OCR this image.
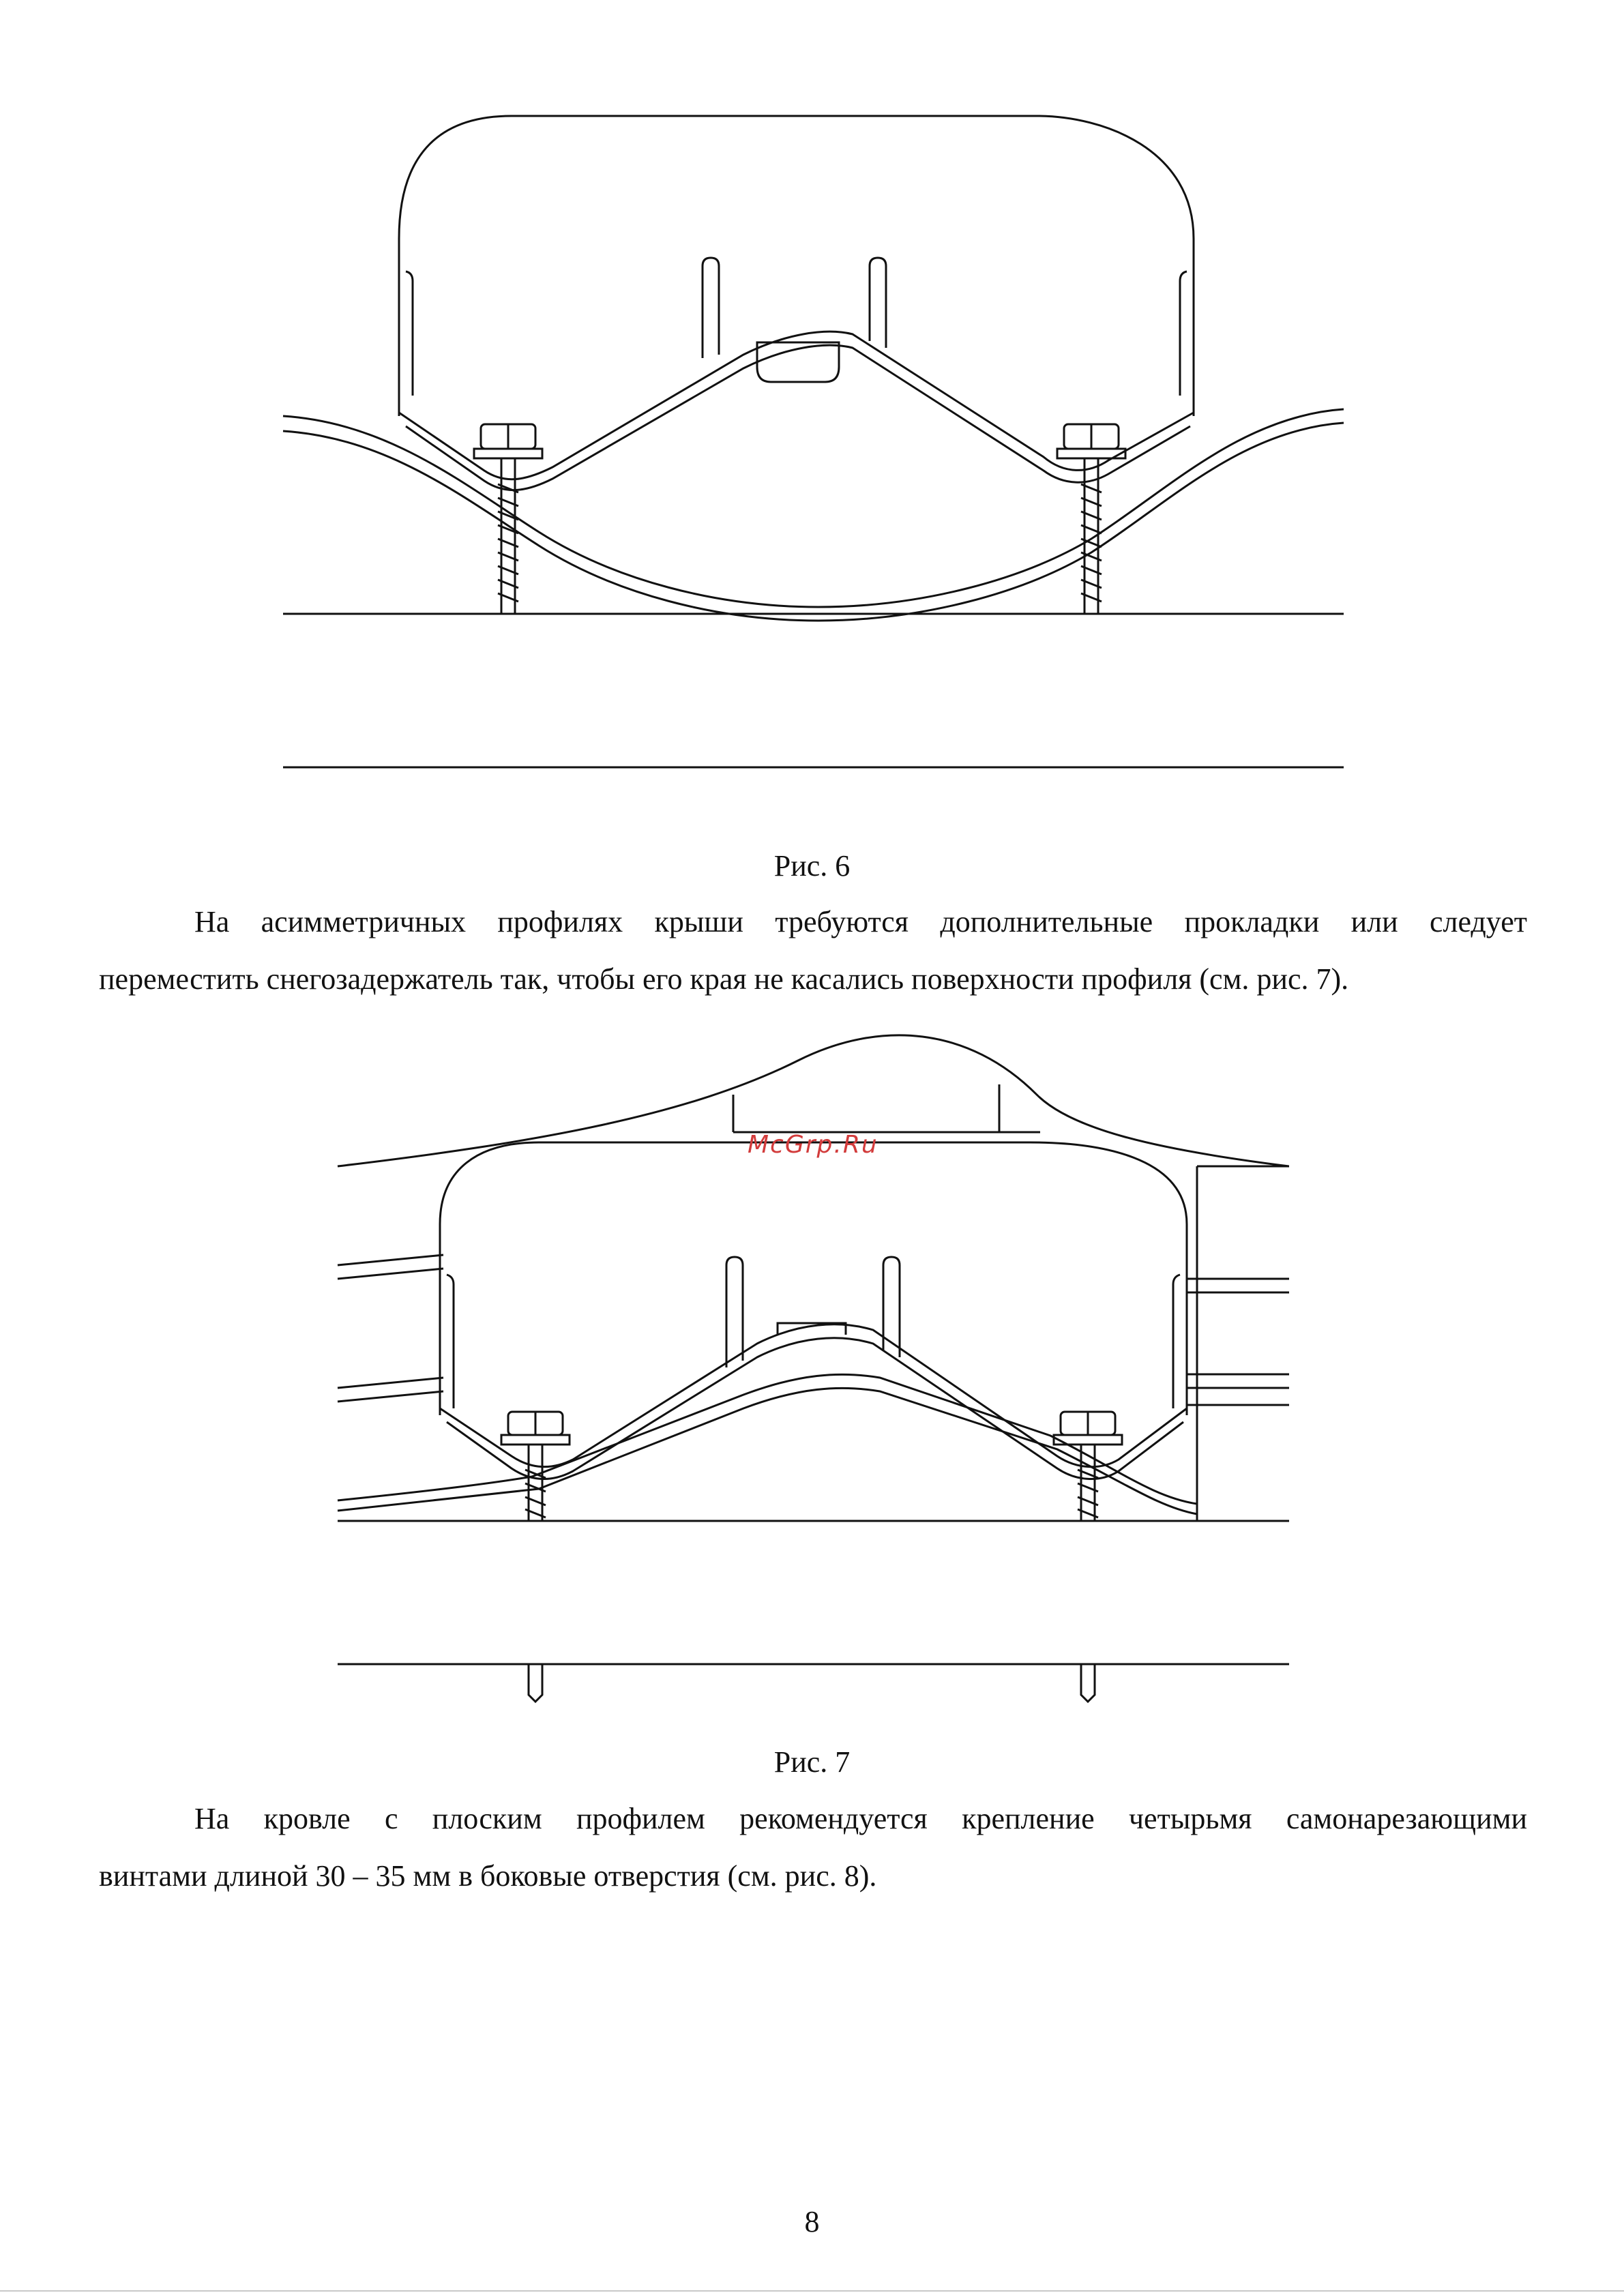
Рис. 6
На асимметричных профилях крыши требуются дополнительные прокладки или следует
переместить снегозадержатель так, чтобы его края не касались поверхности профиля (см. рис. 7).
McGrp.Ru
Рис. 7
На кровле с плоским профилем рекомендуется крепление четырьмя самонарезающими
винтами длиной 30 – 35 мм в боковые отверстия (см. рис. 8).
8
